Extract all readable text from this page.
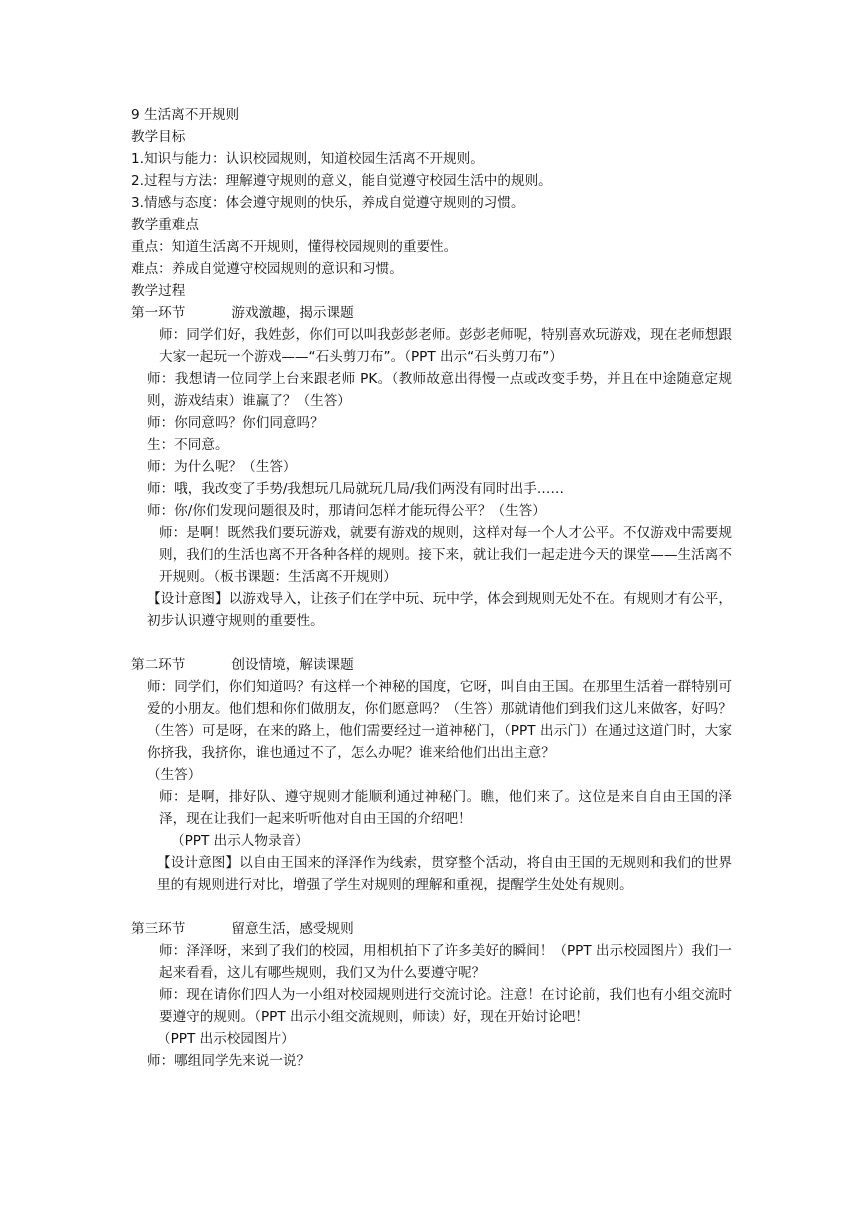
9 生活离不开规则
教学目标
1.知识与能力：认识校园规则，知道校园生活离不开规则。
2.过程与方法：理解遵守规则的意义，能自觉遵守校园生活中的规则。
3.情感与态度：体会遵守规则的快乐，养成自觉遵守规则的习惯。
教学重难点
重点：知道生活离不开规则，懂得校园规则的重要性。
难点：养成自觉遵守校园规则的意识和习惯。
教学过程
第一环节	游戏激趣，揭示课题
师：同学们好，我姓彭，你们可以叫我彭彭老师。彭彭老师呢，特别喜欢玩游戏，现在老师想跟大家一起玩一个游戏——“石头剪刀布”。（PPT 出示“石头剪刀布”）
师：我想请一位同学上台来跟老师 PK。（教师故意出得慢一点或改变手势，并且在中途随意定规则，游戏结束）谁赢了？（生答）
师：你同意吗？你们同意吗？
生：不同意。
师：为什么呢？（生答）
师：哦，我改变了手势/我想玩几局就玩几局/我们两没有同时出手……
师：你/你们发现问题很及时，那请问怎样才能玩得公平？（生答）
师：是啊！既然我们要玩游戏，就要有游戏的规则，这样对每一个人才公平。不仅游戏中需要规则，我们的生活也离不开各种各样的规则。接下来，就让我们一起走进今天的课堂——生活离不开规则。（板书课题：生活离不开规则）
【设计意图】以游戏导入，让孩子们在学中玩、玩中学，体会到规则无处不在。有规则才有公平，初步认识遵守规则的重要性。
第二环节	创设情境，解读课题
师：同学们，你们知道吗？有这样一个神秘的国度，它呀，叫自由王国。在那里生活着一群特别可爱的小朋友。他们想和你们做朋友，你们愿意吗？（生答）那就请他们到我们这儿来做客，好吗？（生答）可是呀，在来的路上，他们需要经过一道神秘门，（PPT 出示门）在通过这道门时，大家你挤我，我挤你，谁也通过不了，怎么办呢？谁来给他们出出主意？
（生答）
师：是啊，排好队、遵守规则才能顺利通过神秘门。瞧，他们来了。这位是来自自由王国的泽泽，现在让我们一起来听听他对自由王国的介绍吧！
（PPT 出示人物录音）
【设计意图】以自由王国来的泽泽作为线索，贯穿整个活动，将自由王国的无规则和我们的世界里的有规则进行对比，增强了学生对规则的理解和重视，提醒学生处处有规则。
第三环节	留意生活，感受规则
师：泽泽呀，来到了我们的校园，用相机拍下了许多美好的瞬间！（PPT 出示校园图片）我们一起来看看，这儿有哪些规则，我们又为什么要遵守呢？
师：现在请你们四人为一小组对校园规则进行交流讨论。注意！在讨论前，我们也有小组交流时要遵守的规则。（PPT 出示小组交流规则，师读）好，现在开始讨论吧！
（PPT 出示校园图片）
师：哪组同学先来说一说？
